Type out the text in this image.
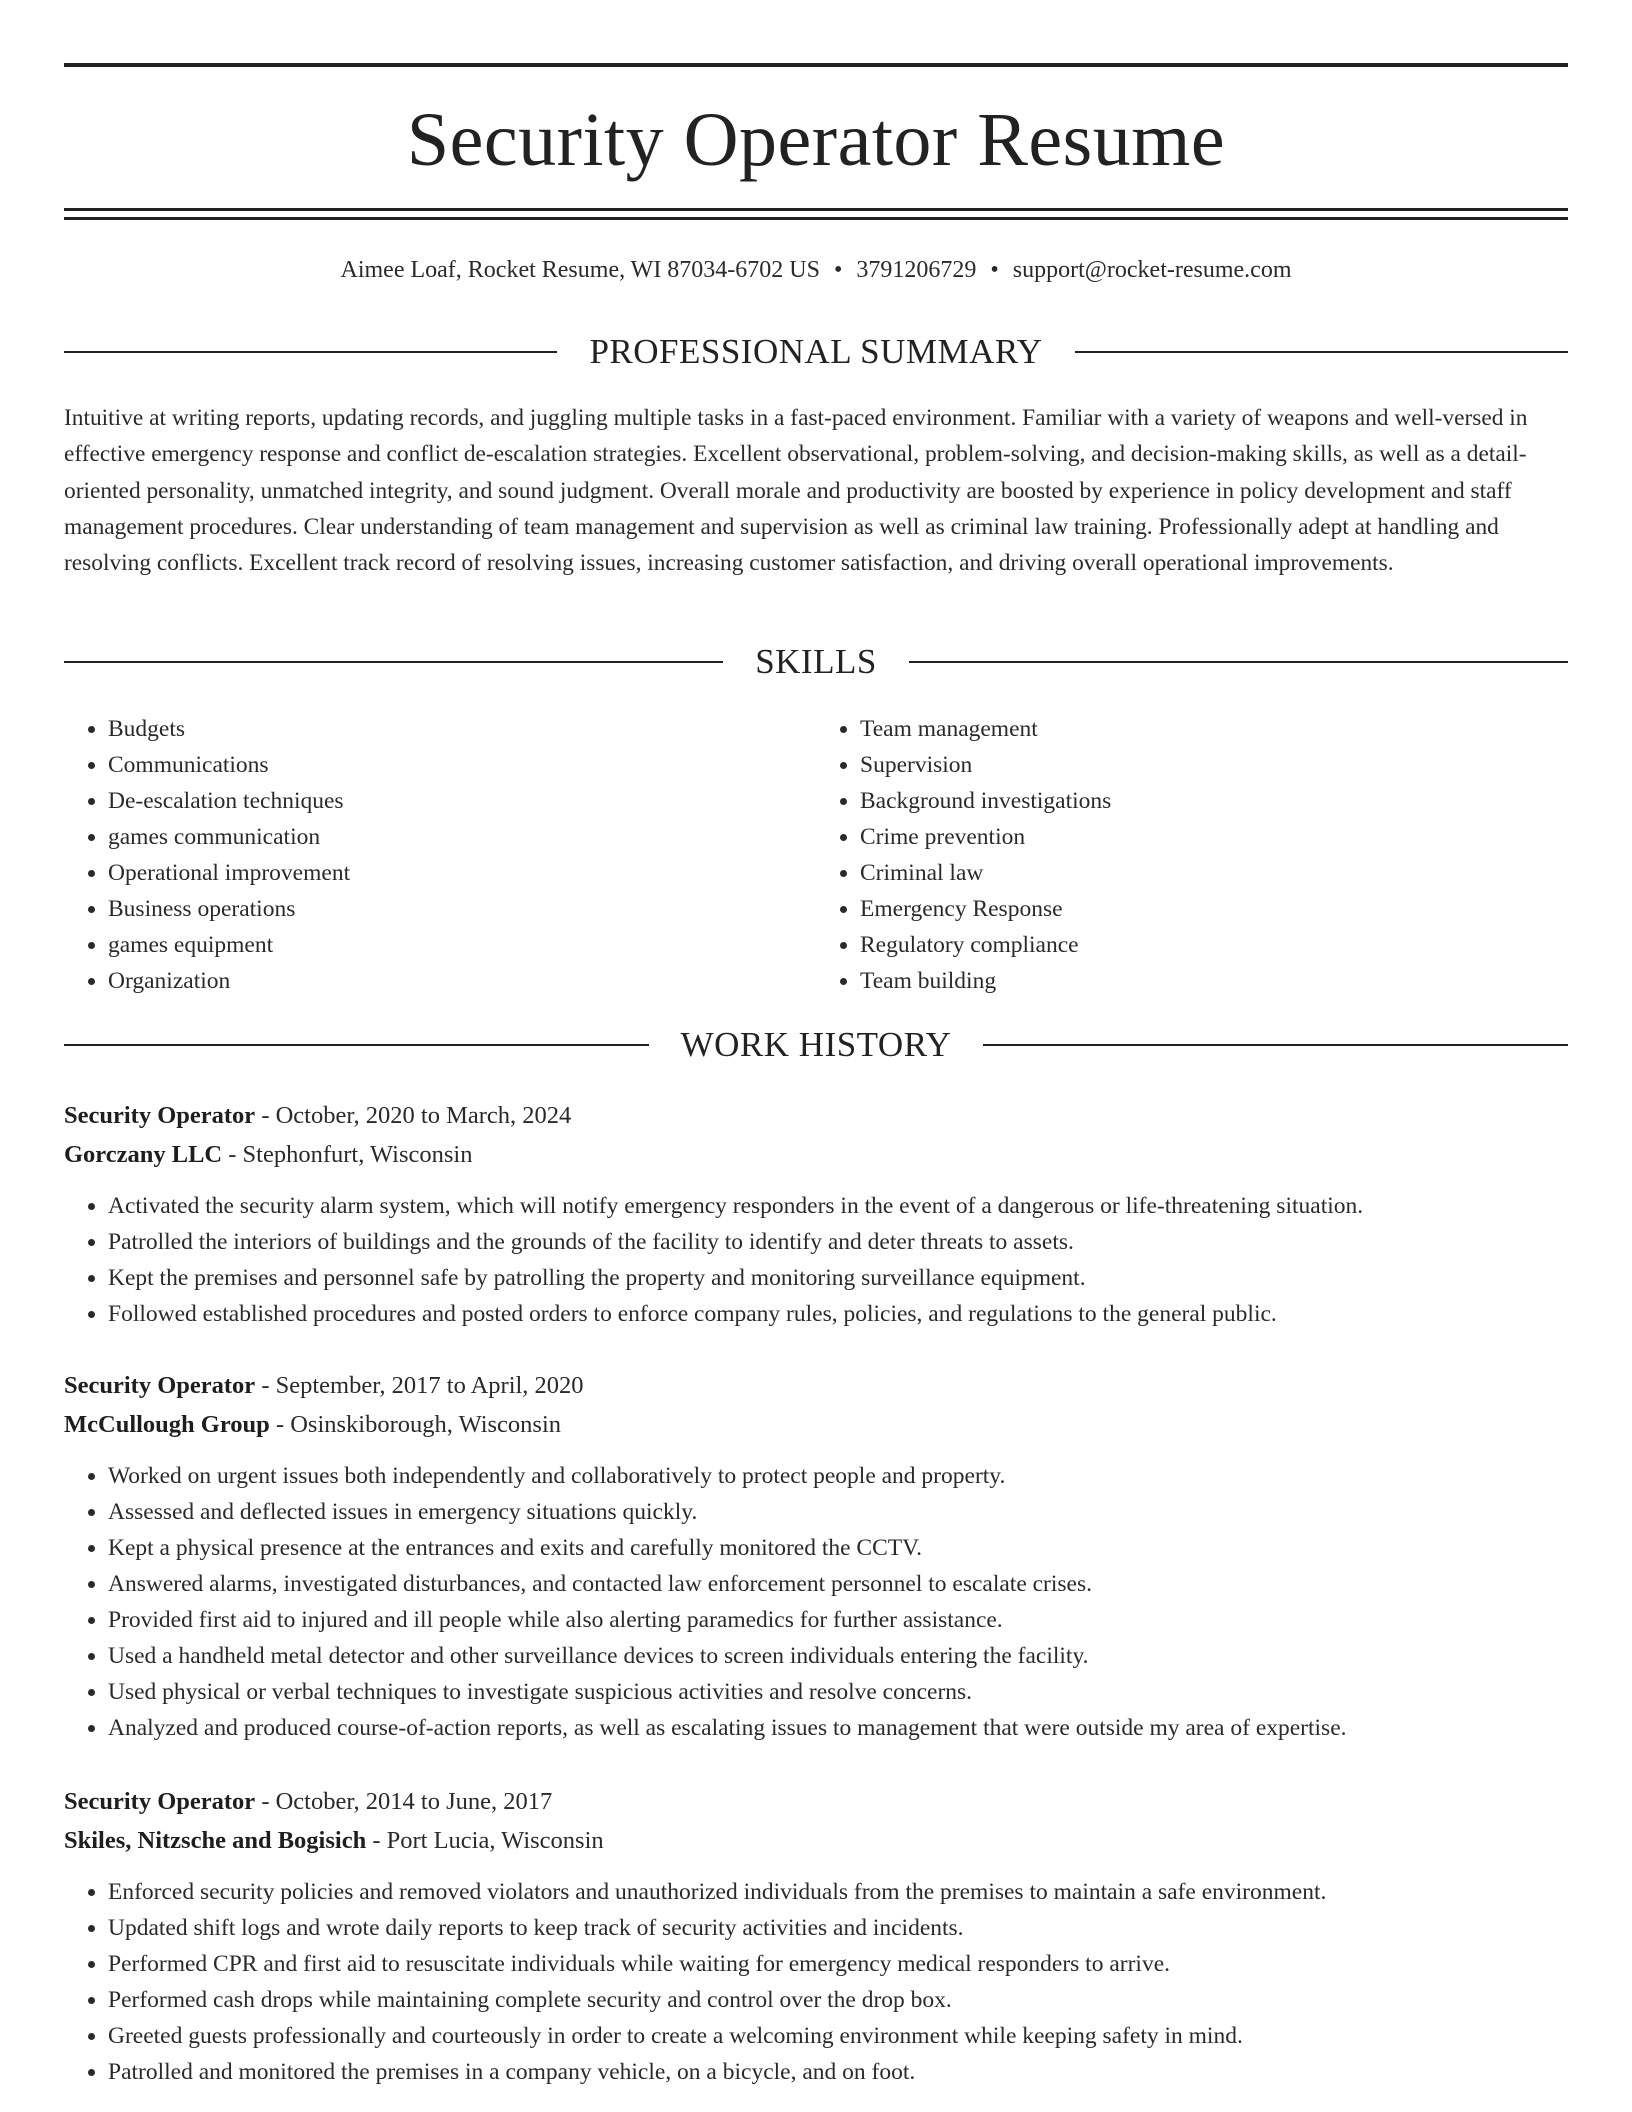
Security Operator Resume
Aimee Loaf, Rocket Resume, WI 87034-6702 US • 3791206729 • support@rocket-resume.com
PROFESSIONAL SUMMARY

Intuitive at writing reports, updating records, and juggling multiple tasks in a fast-paced environment. Familiar with a variety of weapons and well-versed in effective emergency response and conflict de-escalation strategies. Excellent observational, problem-solving, and decision-making skills, as well as a detail-oriented personality, unmatched integrity, and sound judgment. Overall morale and productivity are boosted by experience in policy development and staff management procedures. Clear understanding of team management and supervision as well as criminal law training. Professionally adept at handling and resolving conflicts. Excellent track record of resolving issues, increasing customer satisfaction, and driving overall operational improvements.

SKILLS
• Budgets
• Communications
• De-escalation techniques
• games communication
• Operational improvement
• Business operations
• games equipment
• Organization
• Team management
• Supervision
• Background investigations
• Crime prevention
• Criminal law
• Emergency Response
• Regulatory compliance
• Team building
WORK HISTORY
Security Operator - October, 2020 to March, 2024
Gorczany LLC - Stephonfurt, Wisconsin
• Activated the security alarm system, which will notify emergency responders in the event of a dangerous or life-threatening situation.
• Patrolled the interiors of buildings and the grounds of the facility to identify and deter threats to assets.
• Kept the premises and personnel safe by patrolling the property and monitoring surveillance equipment.
• Followed established procedures and posted orders to enforce company rules, policies, and regulations to the general public.
Security Operator - September, 2017 to April, 2020
McCullough Group - Osinskiborough, Wisconsin
• Worked on urgent issues both independently and collaboratively to protect people and property.
• Assessed and deflected issues in emergency situations quickly.
• Kept a physical presence at the entrances and exits and carefully monitored the CCTV.
• Answered alarms, investigated disturbances, and contacted law enforcement personnel to escalate crises.
• Provided first aid to injured and ill people while also alerting paramedics for further assistance.
• Used a handheld metal detector and other surveillance devices to screen individuals entering the facility.
• Used physical or verbal techniques to investigate suspicious activities and resolve concerns.
• Analyzed and produced course-of-action reports, as well as escalating issues to management that were outside my area of expertise.
Security Operator - October, 2014 to June, 2017
Skiles, Nitzsche and Bogisich - Port Lucia, Wisconsin
• Enforced security policies and removed violators and unauthorized individuals from the premises to maintain a safe environment.
• Updated shift logs and wrote daily reports to keep track of security activities and incidents.
• Performed CPR and first aid to resuscitate individuals while waiting for emergency medical responders to arrive.
• Performed cash drops while maintaining complete security and control over the drop box.
• Greeted guests professionally and courteously in order to create a welcoming environment while keeping safety in mind.
• Patrolled and monitored the premises in a company vehicle, on a bicycle, and on foot.
